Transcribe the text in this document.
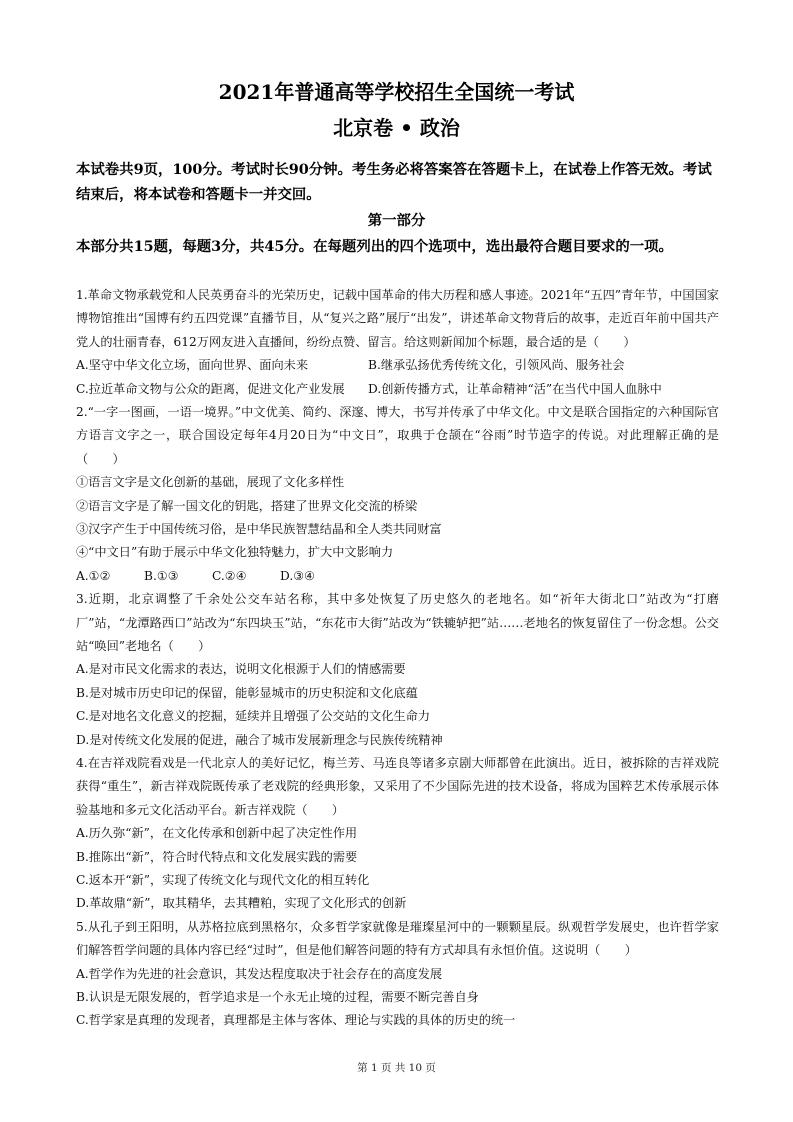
2021年普通高等学校招生全国统一考试
北京卷 • 政治
本试卷共9页，100分。考试时长90分钟。考生务必将答案答在答题卡上，在试卷上作答无效。考试结束后，将本试卷和答题卡一并交回。
第一部分
本部分共15题，每题3分，共45分。在每题列出的四个选项中，选出最符合题目要求的一项。
1.革命文物承载党和人民英勇奋斗的光荣历史，记载中国革命的伟大历程和感人事迹。2021年“五四”青年节，中国国家博物馆推出“国博有约五四党课”直播节目，从“复兴之路”展厅“出发”，讲述革命文物背后的故事，走近百年前中国共产党人的壮丽青春，612万网友进入直播间，纷纷点赞、留言。给这则新闻加个标题，最合适的是（　　）
A.坚守中华文化立场，面向世界、面向未来	B.继承弘扬优秀传统文化，引领风尚、服务社会
C.拉近革命文物与公众的距离，促进文化产业发展	D.创新传播方式，让革命精神“活”在当代中国人血脉中
2.“一字一图画，一语一境界。”中文优美、简约、深邃、博大，书写并传承了中华文化。中文是联合国指定的六种国际官方语言文字之一，联合国设定每年4月20日为“中文日”，取典于仓颉在“谷雨”时节造字的传说。对此理解正确的是（　　）
①语言文字是文化创新的基础，展现了文化多样性
②语言文字是了解一国文化的钥匙，搭建了世界文化交流的桥梁
③汉字产生于中国传统习俗，是中华民族智慧结晶和全人类共同财富
④“中文日”有助于展示中华文化独特魅力，扩大中文影响力
A.①②	B.①③	C.②④	D.③④
3.近期，北京调整了千余处公交车站名称，其中多处恢复了历史悠久的老地名。如“祈年大街北口”站改为“打磨厂”站，“龙潭路西口”站改为“东四块玉”站，“东花市大街”站改为“铁辘轳把”站……老地名的恢复留住了一份念想。公交站“唤回”老地名（　　）
A.是对市民文化需求的表达，说明文化根源于人们的情感需要
B.是对城市历史印记的保留，能彰显城市的历史积淀和文化底蕴
C.是对地名文化意义的挖掘，延续并且增强了公交站的文化生命力
D.是对传统文化发展的促进，融合了城市发展新理念与民族传统精神
4.在吉祥戏院看戏是一代北京人的美好记忆，梅兰芳、马连良等诸多京剧大师都曾在此演出。近日，被拆除的吉祥戏院获得“重生”，新吉祥戏院既传承了老戏院的经典形象，又采用了不少国际先进的技术设备，将成为国粹艺术传承展示体验基地和多元文化活动平台。新吉祥戏院（　　）
A.历久弥“新”，在文化传承和创新中起了决定性作用
B.推陈出“新”，符合时代特点和文化发展实践的需要
C.返本开“新”，实现了传统文化与现代文化的相互转化
D.革故鼎“新”，取其精华，去其糟粕，实现了文化形式的创新
5.从孔子到王阳明，从苏格拉底到黑格尔，众多哲学家就像是璀璨星河中的一颗颗星辰。纵观哲学发展史，也许哲学家们解答哲学问题的具体内容已经“过时”，但是他们解答问题的特有方式却具有永恒价值。这说明（　　）
A.哲学作为先进的社会意识，其发达程度取决于社会存在的高度发展
B.认识是无限发展的，哲学追求是一个永无止境的过程，需要不断完善自身
C.哲学家是真理的发现者，真理都是主体与客体、理论与实践的具体的历史的统一
第 1 页 共 10 页
